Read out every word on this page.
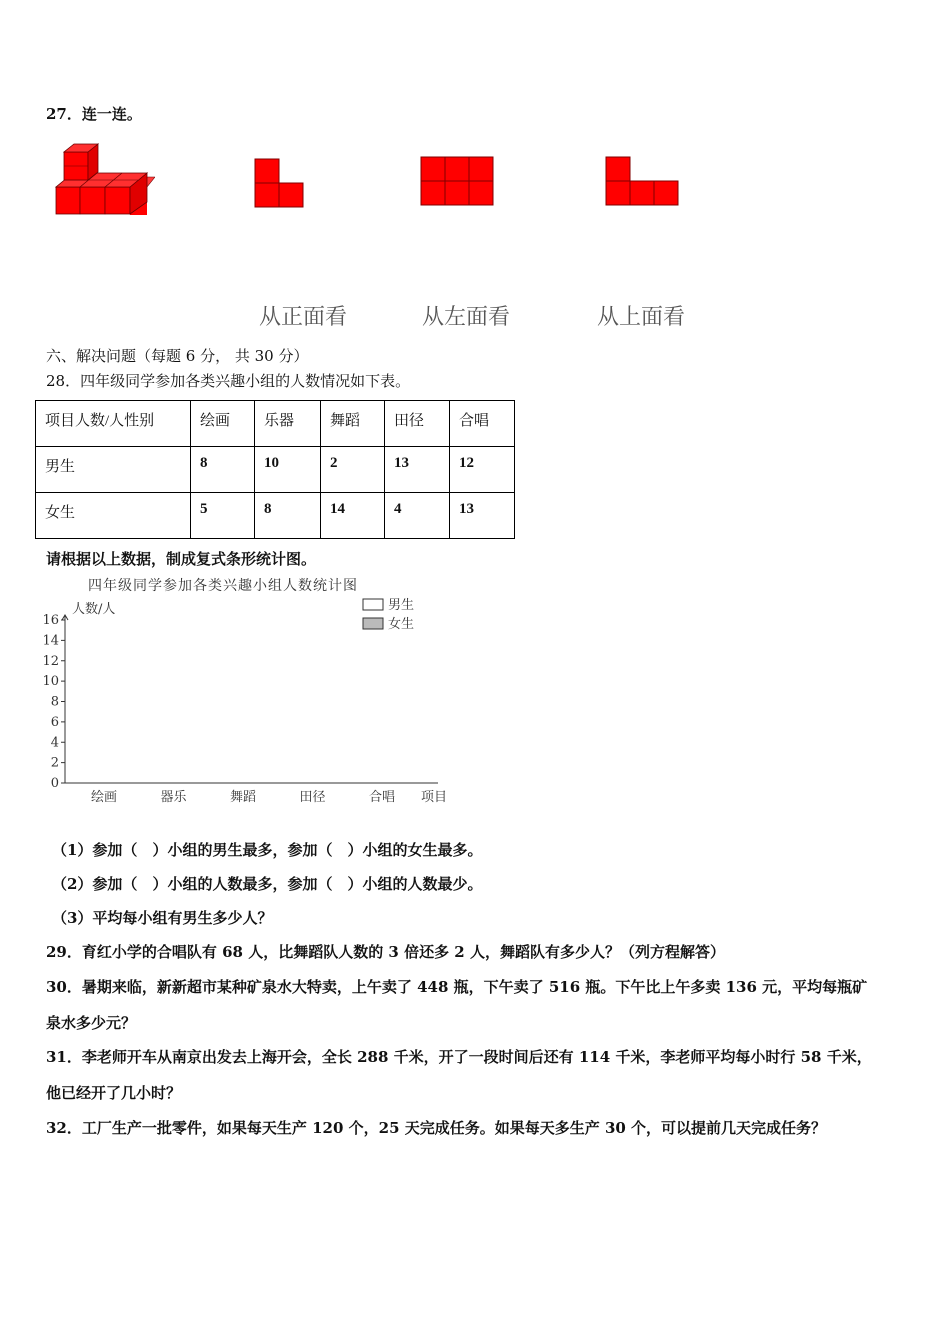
27．连一连。
从正面看	从左面看	从上面看
六、解决问题（每题 6 分， 共 30 分）
28．四年级同学参加各类兴趣小组的人数情况如下表。
项目人数/人性别	绘画	乐器	舞蹈	田径	合唱
男生	8	10	2	13	12
女生	5	8	14	4	13
请根据以上数据，制成复式条形统计图。
四年级同学参加各类兴趣小组人数统计图
人数/人
0
2
4
6
8
10
12
14
16
绘画	器乐	舞蹈	田径	合唱 项目
男生
女生
（1）参加（　）小组的男生最多，参加（　）小组的女生最多。
（2）参加（　）小组的人数最多，参加（　）小组的人数最少。
（3）平均每小组有男生多少人？
29．育红小学的合唱队有 68 人，比舞蹈队人数的 3 倍还多 2 人，舞蹈队有多少人？（列方程解答）
30．暑期来临，新新超市某种矿泉水大特卖，上午卖了 448 瓶，下午卖了 516 瓶。下午比上午多卖 136 元，平均每瓶矿
泉水多少元？
31．李老师开车从南京出发去上海开会，全长 288 千米，开了一段时间后还有 114 千米，李老师平均每小时行 58 千米，
他已经开了几小时？
32．工厂生产一批零件，如果每天生产 120 个，25 天完成任务。如果每天多生产 30 个，可以提前几天完成任务？
